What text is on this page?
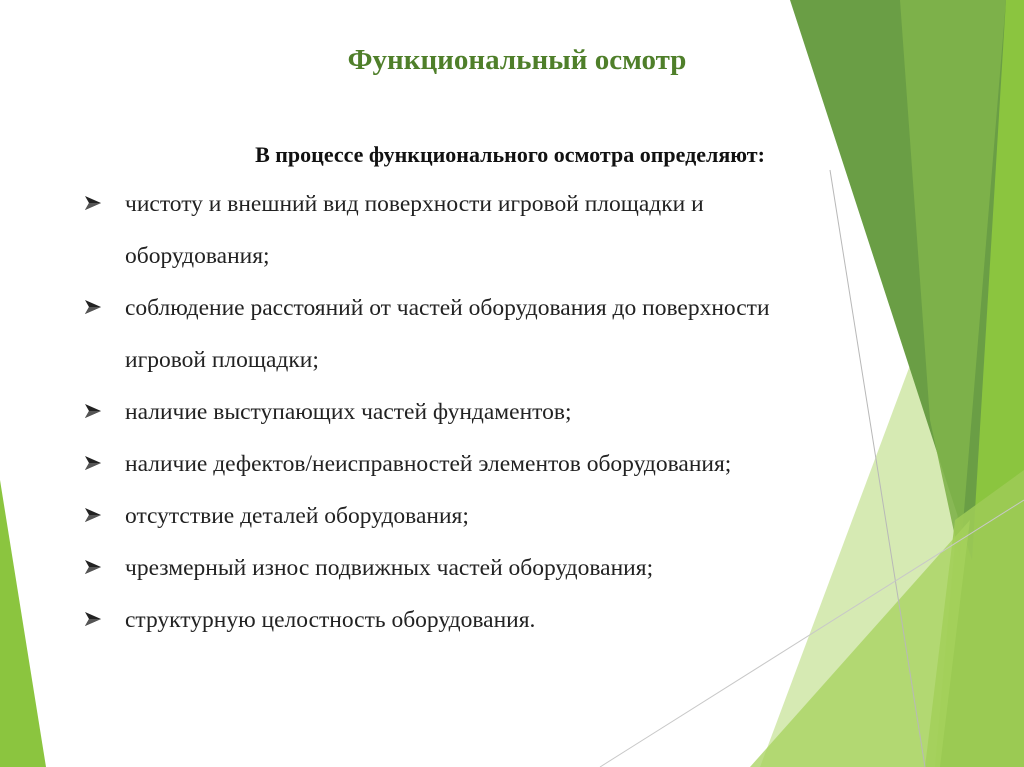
Функциональный осмотр
В процессе функционального осмотра определяют:
чистоту и внешний вид поверхности игровой площадки и оборудования;
соблюдение расстояний от частей оборудования до поверхности игровой площадки;
наличие выступающих частей фундаментов;
наличие дефектов/неисправностей элементов оборудования;
отсутствие деталей оборудования;
чрезмерный износ подвижных частей оборудования;
структурную целостность оборудования.
